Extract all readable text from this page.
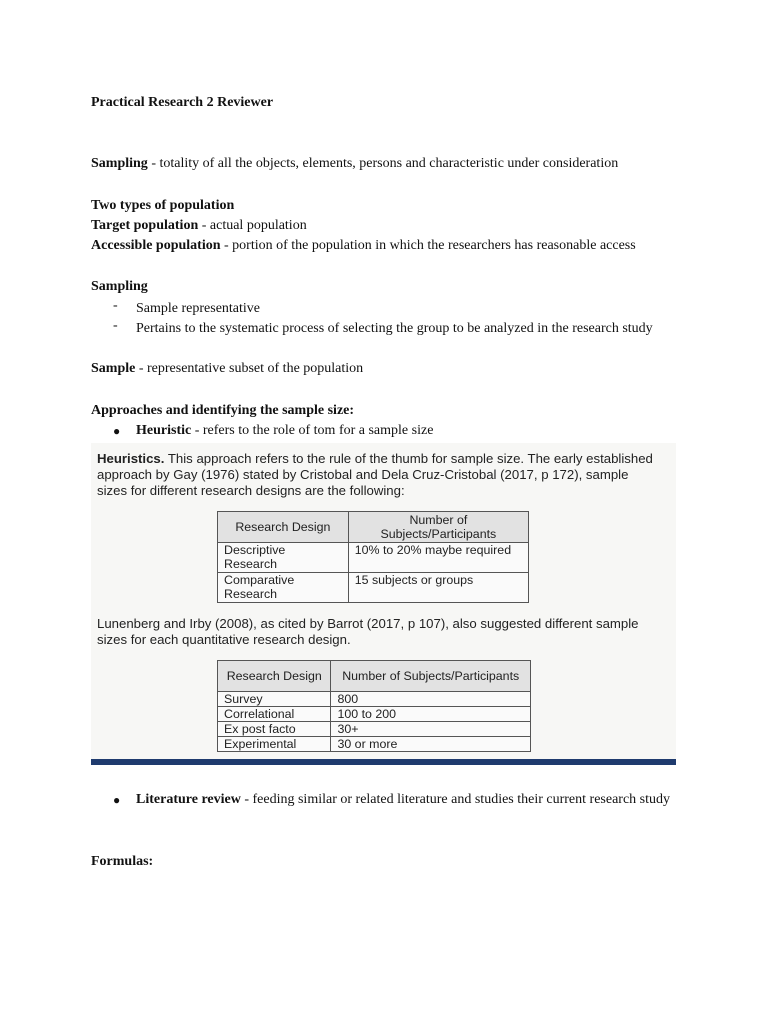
Practical Research 2 Reviewer
Sampling - totality of all the objects, elements, persons and characteristic under consideration
Two types of population
Target population - actual population
Accessible population - portion of the population in which the researchers has reasonable access
Sampling
- Sample representative
- Pertains to the systematic process of selecting the group to be analyzed in the research study
Sample - representative subset of the population
Approaches and identifying the sample size:
● Heuristic - refers to the role of tom for a sample size
● Literature review - feeding similar or related literature and studies their current research study
Formulas:
Heuristics. This approach refers to the rule of the thumb for sample size. The early established approach by Gay (1976) stated by Cristobal and Dela Cruz-Cristobal (2017, p 172), sample sizes for different research designs are the following:
Research Design	Number of Subjects/Participants
Descriptive Research	10% to 20% maybe required
Comparative Research	15 subjects or groups
Lunenberg and Irby (2008), as cited by Barrot (2017, p 107), also suggested different sample sizes for each quantitative research design.
Research Design	Number of Subjects/Participants
Survey	800
Correlational	100 to 200
Ex post facto	30+
Experimental	30 or more
